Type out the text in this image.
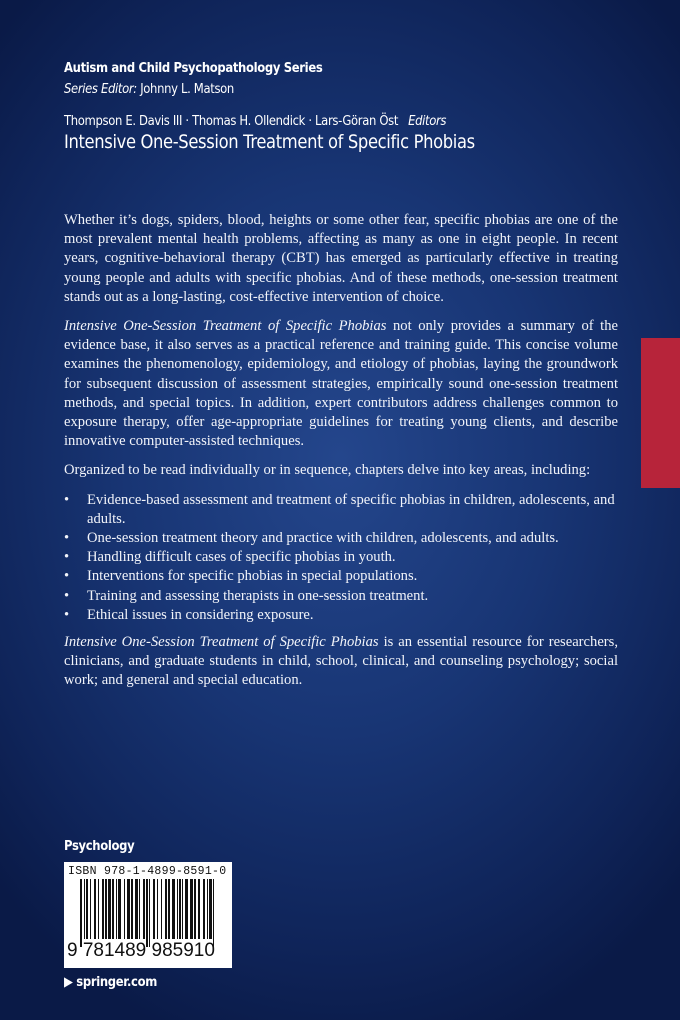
Autism and Child Psychopathology Series
Series Editor: Johnny L. Matson
Thompson E. Davis III · Thomas H. Ollendick · Lars-Göran Öst Editors
Intensive One-Session Treatment of Specific Phobias

Whether it’s dogs, spiders, blood, heights or some other fear, specific phobias are one of the most prevalent mental health problems, affecting as many as one in eight people. In recent years, cognitive-behavioral therapy (CBT) has emerged as particularly effective in treating young people and adults with specific phobias. And of these methods, one-session treatment stands out as a long-lasting, cost-effective intervention of choice.

Intensive One-Session Treatment of Specific Phobias not only provides a summary of the evidence base, it also serves as a practical reference and training guide. This concise volume examines the phenomenology, epidemiology, and etiology of phobias, laying the groundwork for subsequent discussion of assessment strategies, empirically sound one-session treatment methods, and special topics. In addition, expert contributors address challenges common to exposure therapy, offer age-appropriate guidelines for treating young clients, and describe innovative computer-assisted techniques.

Organized to be read individually or in sequence, chapters delve into key areas, including:

• Evidence-based assessment and treatment of specific phobias in children, adolescents, and adults.
• One-session treatment theory and practice with children, adolescents, and adults.
• Handling difficult cases of specific phobias in youth.
• Interventions for specific phobias in special populations.
• Training and assessing therapists in one-session treatment.
• Ethical issues in considering exposure.

Intensive One-Session Treatment of Specific Phobias is an essential resource for researchers, clinicians, and graduate students in child, school, clinical, and counseling psychology; social work; and general and special education.

Psychology
ISBN 978-1-4899-8591-0
9 781489 985910
▶ springer.com
